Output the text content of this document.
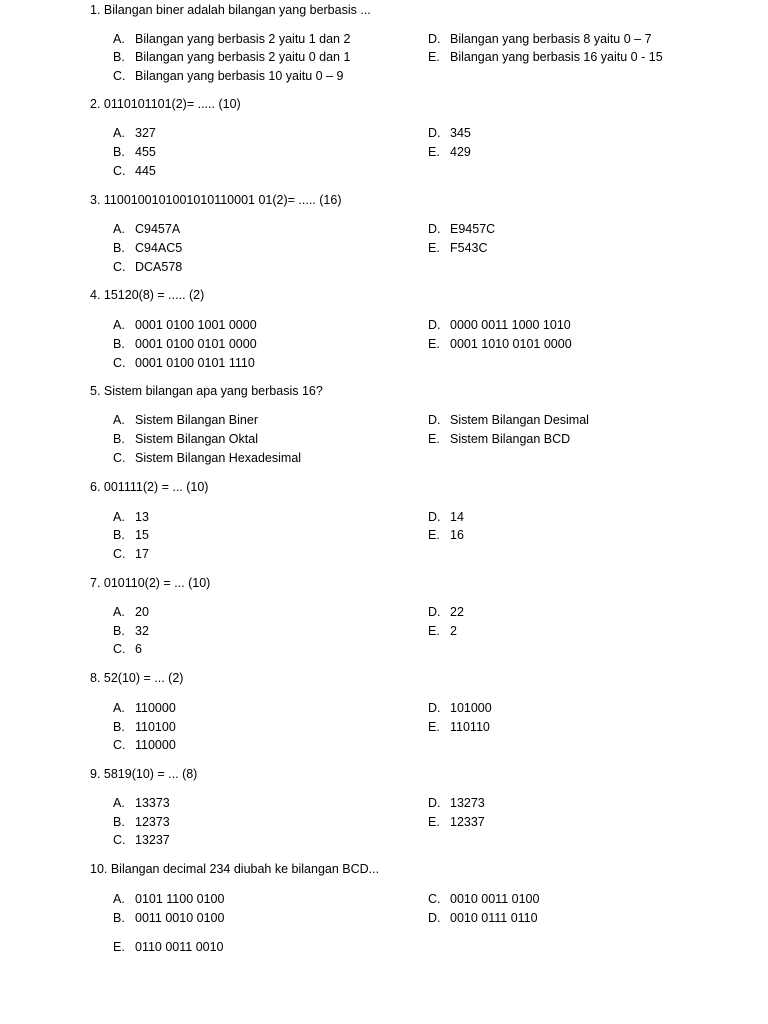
1. Bilangan biner adalah bilangan yang berbasis ...
A. Bilangan yang berbasis 2 yaitu 1 dan 2
B. Bilangan yang berbasis 2 yaitu 0 dan 1
C. Bilangan yang berbasis 10 yaitu 0 – 9
D. Bilangan yang berbasis 8 yaitu 0 – 7
E. Bilangan yang berbasis 16 yaitu 0 - 15
2. 0110101101(2)= ..... (10)
A. 327
B. 455
C. 445
D. 345
E. 429
3. 1100100101001010110001 01(2)= ..... (16)
A. C9457A
B. C94AC5
C. DCA578
D. E9457C
E. F543C
4. 15120(8) = ..... (2)
A. 0001 0100 1001 0000
B. 0001 0100 0101 0000
C. 0001 0100 0101 1110
D. 0000 0011 1000 1010
E. 0001 1010 0101 0000
5. Sistem bilangan apa yang berbasis 16?
A. Sistem Bilangan Biner
B. Sistem Bilangan Oktal
C. Sistem Bilangan Hexadesimal
D. Sistem Bilangan Desimal
E. Sistem Bilangan BCD
6. 001111(2) = ... (10)
A. 13
B. 15
C. 17
D. 14
E. 16
7. 010110(2) = ... (10)
A. 20
B. 32
C. 6
D. 22
E. 2
8. 52(10) = ... (2)
A. 110000
B. 110100
C. 110000
D. 101000
E. 110110
9. 5819(10) = ... (8)
A. 13373
B. 12373
C. 13237
D. 13273
E. 12337
10. Bilangan decimal 234 diubah ke bilangan BCD...
A. 0101 1100 0100
B. 0011 0010 0100
C. 0010 0011 0100
D. 0010 0111 0110
E. 0110 0011 0010
